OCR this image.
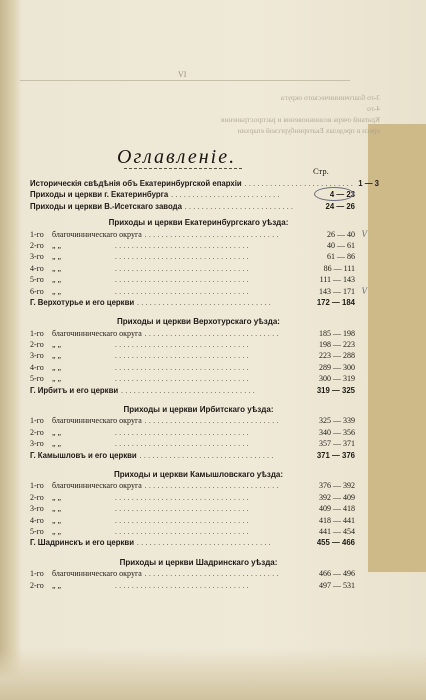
VI
3-го благочиннического округа
4-го
Краткий очерк возникновения и распространения
ереси в пределах Екатеринбургской епархии
Оглавленіе.
Стр.
Историческія свѣдѣнія объ Екатеринбургской епархіи .......................... 1 — 3
Приходы и церкви г. Екатеринбурга ..........................	4 — 23
Приходы и церкви В.-Исетскаго завода ..........................	24 — 26
Приходы и церкви Екатеринбургскаго уѣзда:
1-го благочинническаго округа ................................	26 — 40 V
2-го „ „	................................	40 — 61
3-го „ „	................................	61 — 86
4-го „ „	................................	86 — 111
5-го „ „	................................	111 — 143
6-го „ „	................................	143 — 171 V
Г. Верхотурье и его церкви ................................	172 — 184
Приходы и церкви Верхотурскаго уѣзда:
1-го благочинническаго округа ................................	185 — 198
2-го „ „	................................	198 — 223
3-го „ „	................................	223 — 288
4-го „ „	................................	289 — 300
5-го „ „	................................	300 — 319
Г. Ирбитъ и его церкви ................................	319 — 325
Приходы и церкви Ирбитскаго уѣзда:
1-го благочинническаго округа ................................	325 — 339
2-го „ „	................................	340 — 356
3-го „ „	................................	357 — 371
Г. Камышловъ и его церкви ................................	371 — 376
Приходы и церкви Камышловскаго уѣзда:
1-го благочинническаго округа ................................	376 — 392
2-го „ „	................................	392 — 409
3-го „ „	................................	409 — 418
4-го „ „	................................	418 — 441
5-го „ „	................................	441 — 454
Г. Шадринскъ и его церкви ................................	455 — 466
Приходы и церкви Шадринскаго уѣзда:
1-го благочинническаго округа ................................	466 — 496
2-го „ „	................................	497 — 531
